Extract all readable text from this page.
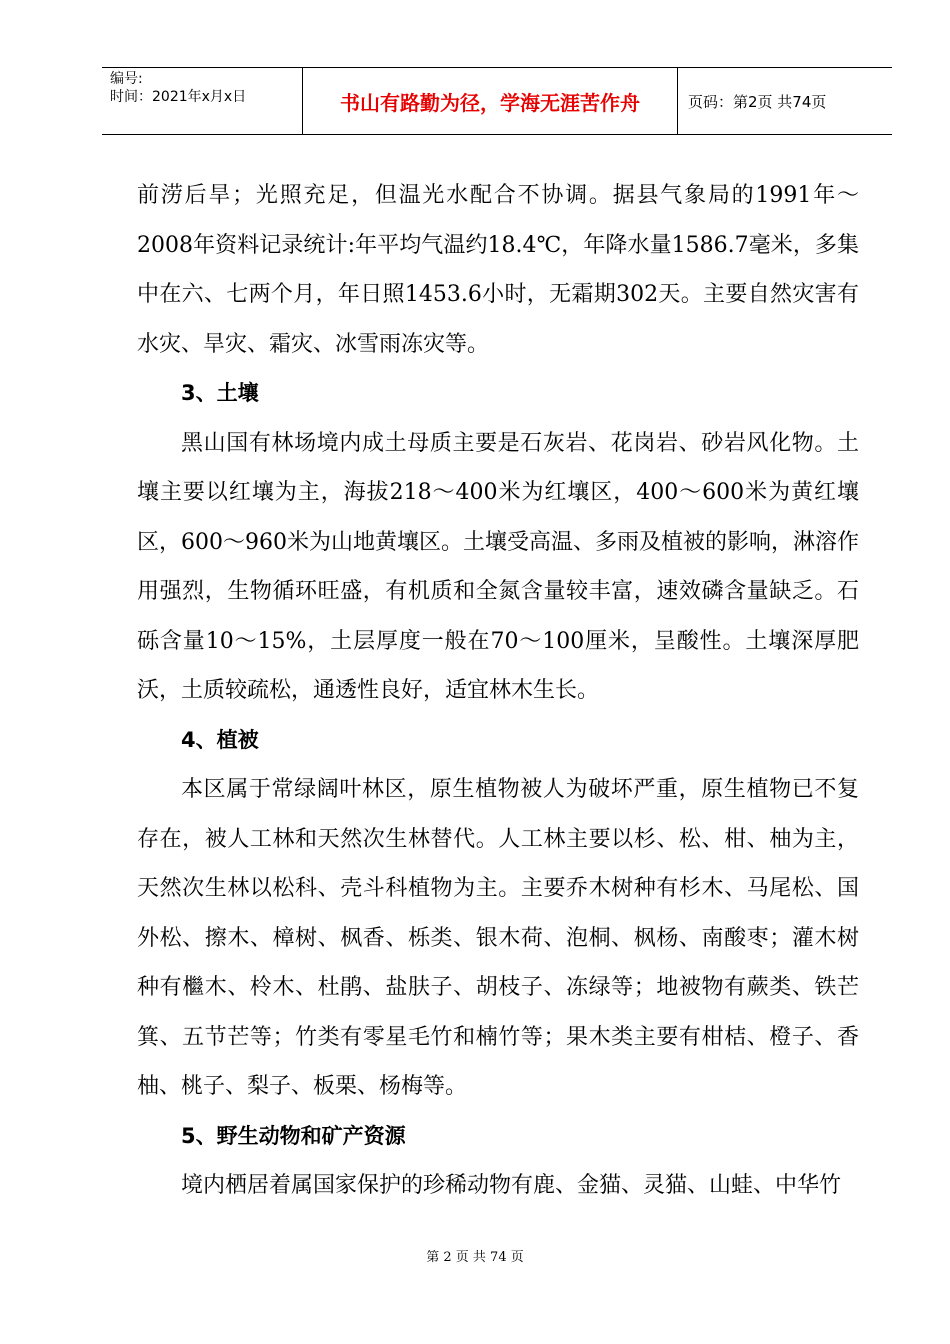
编号:
时间：2021年x月x日	书山有路勤为径，学海无涯苦作舟	页码：第2页 共74页

前涝后旱；光照充足，但温光水配合不协调。据县气象局的1991年～2008年资料记录统计:年平均气温约18.4℃，年降水量1586.7毫米，多集中在六、七两个月，年日照1453.6小时，无霜期302天。主要自然灾害有水灾、旱灾、霜灾、冰雪雨冻灾等。

3、土壤

黑山国有林场境内成土母质主要是石灰岩、花岗岩、砂岩风化物。土壤主要以红壤为主，海拔218～400米为红壤区，400～600米为黄红壤区，600～960米为山地黄壤区。土壤受高温、多雨及植被的影响，淋溶作用强烈，生物循环旺盛，有机质和全氮含量较丰富，速效磷含量缺乏。石砾含量10～15%，土层厚度一般在70～100厘米，呈酸性。土壤深厚肥沃，土质较疏松，通透性良好，适宜林木生长。

4、植被

本区属于常绿阔叶林区，原生植物被人为破坏严重，原生植物已不复存在，被人工林和天然次生林替代。人工林主要以杉、松、柑、柚为主，天然次生林以松科、壳斗科植物为主。主要乔木树种有杉木、马尾松、国外松、擦木、樟树、枫香、栎类、银木荷、泡桐、枫杨、南酸枣；灌木树种有檵木、柃木、杜鹃、盐肤子、胡枝子、冻绿等；地被物有蕨类、铁芒箕、五节芒等；竹类有零星毛竹和楠竹等；果木类主要有柑桔、橙子、香柚、桃子、梨子、板栗、杨梅等。

5、野生动物和矿产资源

境内栖居着属国家保护的珍稀动物有鹿、金猫、灵猫、山蛙、中华竹

第 2 页 共 74 页
